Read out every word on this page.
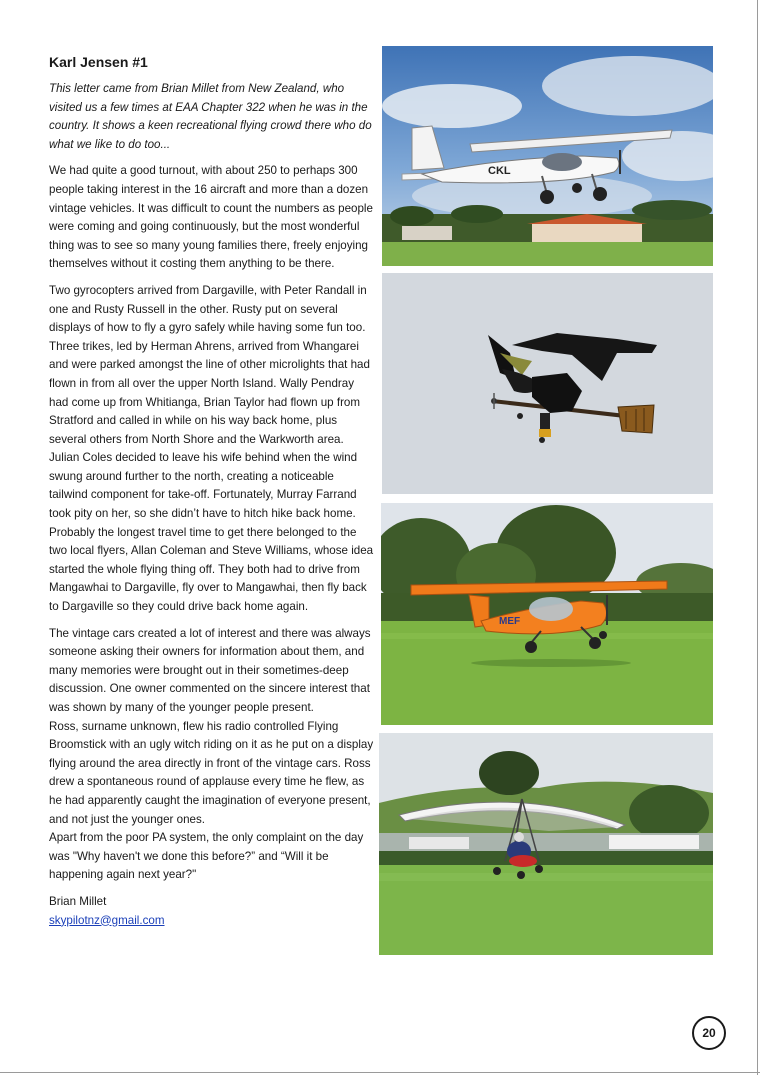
Karl Jensen #1

This letter came from Brian Millet from New Zealand, who visited us a few times at EAA Chapter 322 when he was in the country. It shows a keen recreational flying crowd there who do what we like to do too...

We had quite a good turnout, with about 250 to perhaps 300 people taking interest in the 16 aircraft and more than a dozen vintage vehicles. It was difficult to count the numbers as people were coming and going continuously, but the most wonderful thing was to see so many young families there, freely enjoying themselves without it costing them anything to be there.

Two gyrocopters arrived from Dargaville, with Peter Randall in one and Rusty Russell in the other. Rusty put on several displays of how to fly a gyro safely while having some fun too. Three trikes, led by Herman Ahrens, arrived from Whangarei and were parked amongst the line of other microlights that had flown in from all over the upper North Island. Wally Pendray had come up from Whitianga, Brian Taylor had flown up from Stratford and called in while on his way back home, plus several others from North Shore and the Warkworth area. Julian Coles decided to leave his wife behind when the wind swung around further to the north, creating a noticeable tailwind component for take-off. Fortunately, Murray Farrand took pity on her, so she didn’t have to hitch hike back home. Probably the longest travel time to get there belonged to the two local flyers, Allan Coleman and Steve Williams, whose idea started the whole flying thing off. They both had to drive from Mangawhai to Dargaville, fly over to Mangawhai, then fly back to Dargaville so they could drive back home again.

The vintage cars created a lot of interest and there was always someone asking their owners for information about them, and many memories were brought out in their sometimes-deep discussion. One owner commented on the sincere interest that was shown by many of the younger people present.

Ross, surname unknown, flew his radio controlled Flying Broomstick with an ugly witch riding on it as he put on a display flying around the area directly in front of the vintage cars. Ross drew a spontaneous round of applause every time he flew, as he had apparently caught the imagination of everyone present, and not just the younger ones.

Apart from the poor PA system, the only complaint on the day was "Why haven't we done this before?” and “Will it be happening again next year?"

Brian Millet

skypilotnz@gmail.com

CKL
MEF
20
